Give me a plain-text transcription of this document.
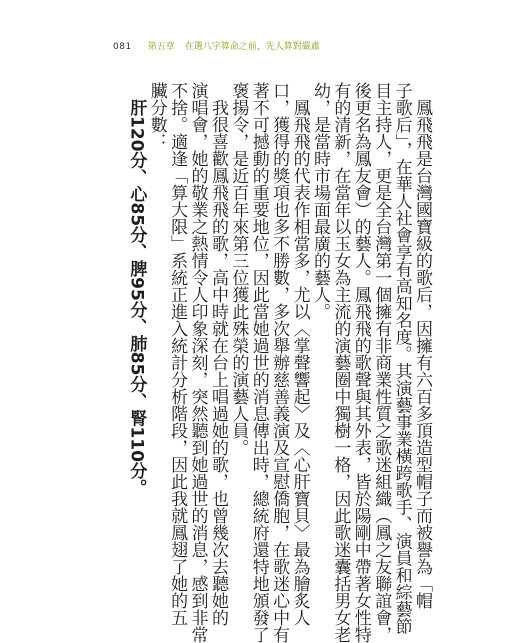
081 第五章 在選八字算命之前，先人算對嚴肅
鳳飛飛是台灣國寶級的歌后，因擁有六百多頂造型帽子而被譽為「帽
子歌后」，在華人社會享有高知名度。其演藝事業橫跨歌手、演員和綜藝節
目主持人，更是全台灣第一個擁有非商業性質之歌迷組織（鳳之友聯誼會，
後更名為鳳友會）的藝人。鳳飛飛的歌聲與其外表，皆於陽剛中帶著女性特
有的清新，在當年以玉女為主流的演藝圈中獨樹一格，因此歌迷囊括男女老
幼，是當時市場面最廣的藝人。
鳳飛飛的代表作相當多，尤以〈掌聲響起〉及〈心肝寶貝〉最為膾炙人
口，獲得的獎項也多不勝數，多次舉辦慈善義演及宣慰僑胞，在歌迷心中有
著不可撼動的重要地位，因此當她過世的消息傳出時，總統府還特地頒發了
褒揚令，是近百年來第三位獲此殊榮的演藝人員。
我很喜歡鳳飛飛的歌，高中時就在台上唱過她的歌，也曾幾次去聽她的
演唱會，她的敬業之熱情令人印象深刻，突然聽到她過世的消息，感到非常
不捨。適逢「算大限」系統正進入統計分析階段，因此我就鳳翅了她的五
臟分數：
肝120分、心85分、脾95分、肺85分、腎110分。
